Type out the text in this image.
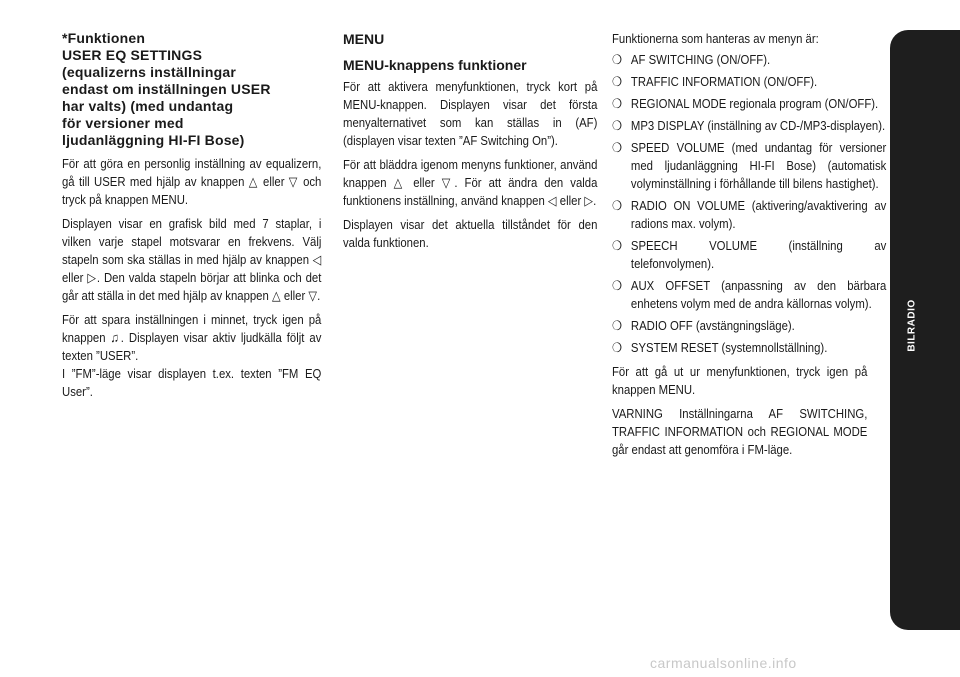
*Funktionen
USER EQ SETTINGS
(equalizerns inställningar
endast om inställningen USER
har valts) (med undantag
för versioner med
ljudanläggning HI-FI Bose)

För att göra en personlig inställning av equalizern, gå till USER med hjälp av knappen △ eller ▽ och tryck på knappen MENU.

Displayen visar en grafisk bild med 7 staplar, i vilken varje stapel motsvarar en frekvens. Välj stapeln som ska ställas in med hjälp av knappen ◁ eller ▷. Den valda stapeln börjar att blinka och det går att ställa in det med hjälp av knappen △ eller ▽.

För att spara inställningen i minnet, tryck igen på knappen ♫. Displayen visar aktiv ljudkälla följt av texten ”USER”.

I ”FM”-läge visar displayen t.ex. texten ”FM EQ User”.

MENU
MENU-knappens funktioner

För att aktivera menyfunktionen, tryck kort på MENU-knappen. Displayen visar det första menyalternativet som kan ställas in (AF) (displayen visar texten ”AF Switching On”).

För att bläddra igenom menyns funktioner, använd knappen △ eller ▽. För att ändra den valda funktionens inställning, använd knappen ◁ eller ▷.

Displayen visar det aktuella tillståndet för den valda funktionen.

Funktionerna som hanteras av menyn är:

❍ AF SWITCHING (ON/OFF).
❍ TRAFFIC INFORMATION (ON/OFF).
❍ REGIONAL MODE regionala program (ON/OFF).
❍ MP3 DISPLAY (inställning av CD-/MP3-displayen).
❍ SPEED VOLUME (med undantag för versioner med ljudanläggning HI-FI Bose) (automatisk volyminställning i förhållande till bilens hastighet).
❍ RADIO ON VOLUME (aktivering/avaktivering av radions max. volym).
❍ SPEECH VOLUME (inställning av telefonvolymen).
❍ AUX OFFSET (anpassning av den bärbara enhetens volym med de andra källornas volym).
❍ RADIO OFF (avstängningsläge).
❍ SYSTEM RESET (systemnollställning).

För att gå ut ur menyfunktionen, tryck igen på knappen MENU.

VARNING Inställningarna AF SWITCHING, TRAFFIC INFORMATION och REGIONAL MODE går endast att genomföra i FM-läge.

BILRADIO
261
carmanualsonline.info
